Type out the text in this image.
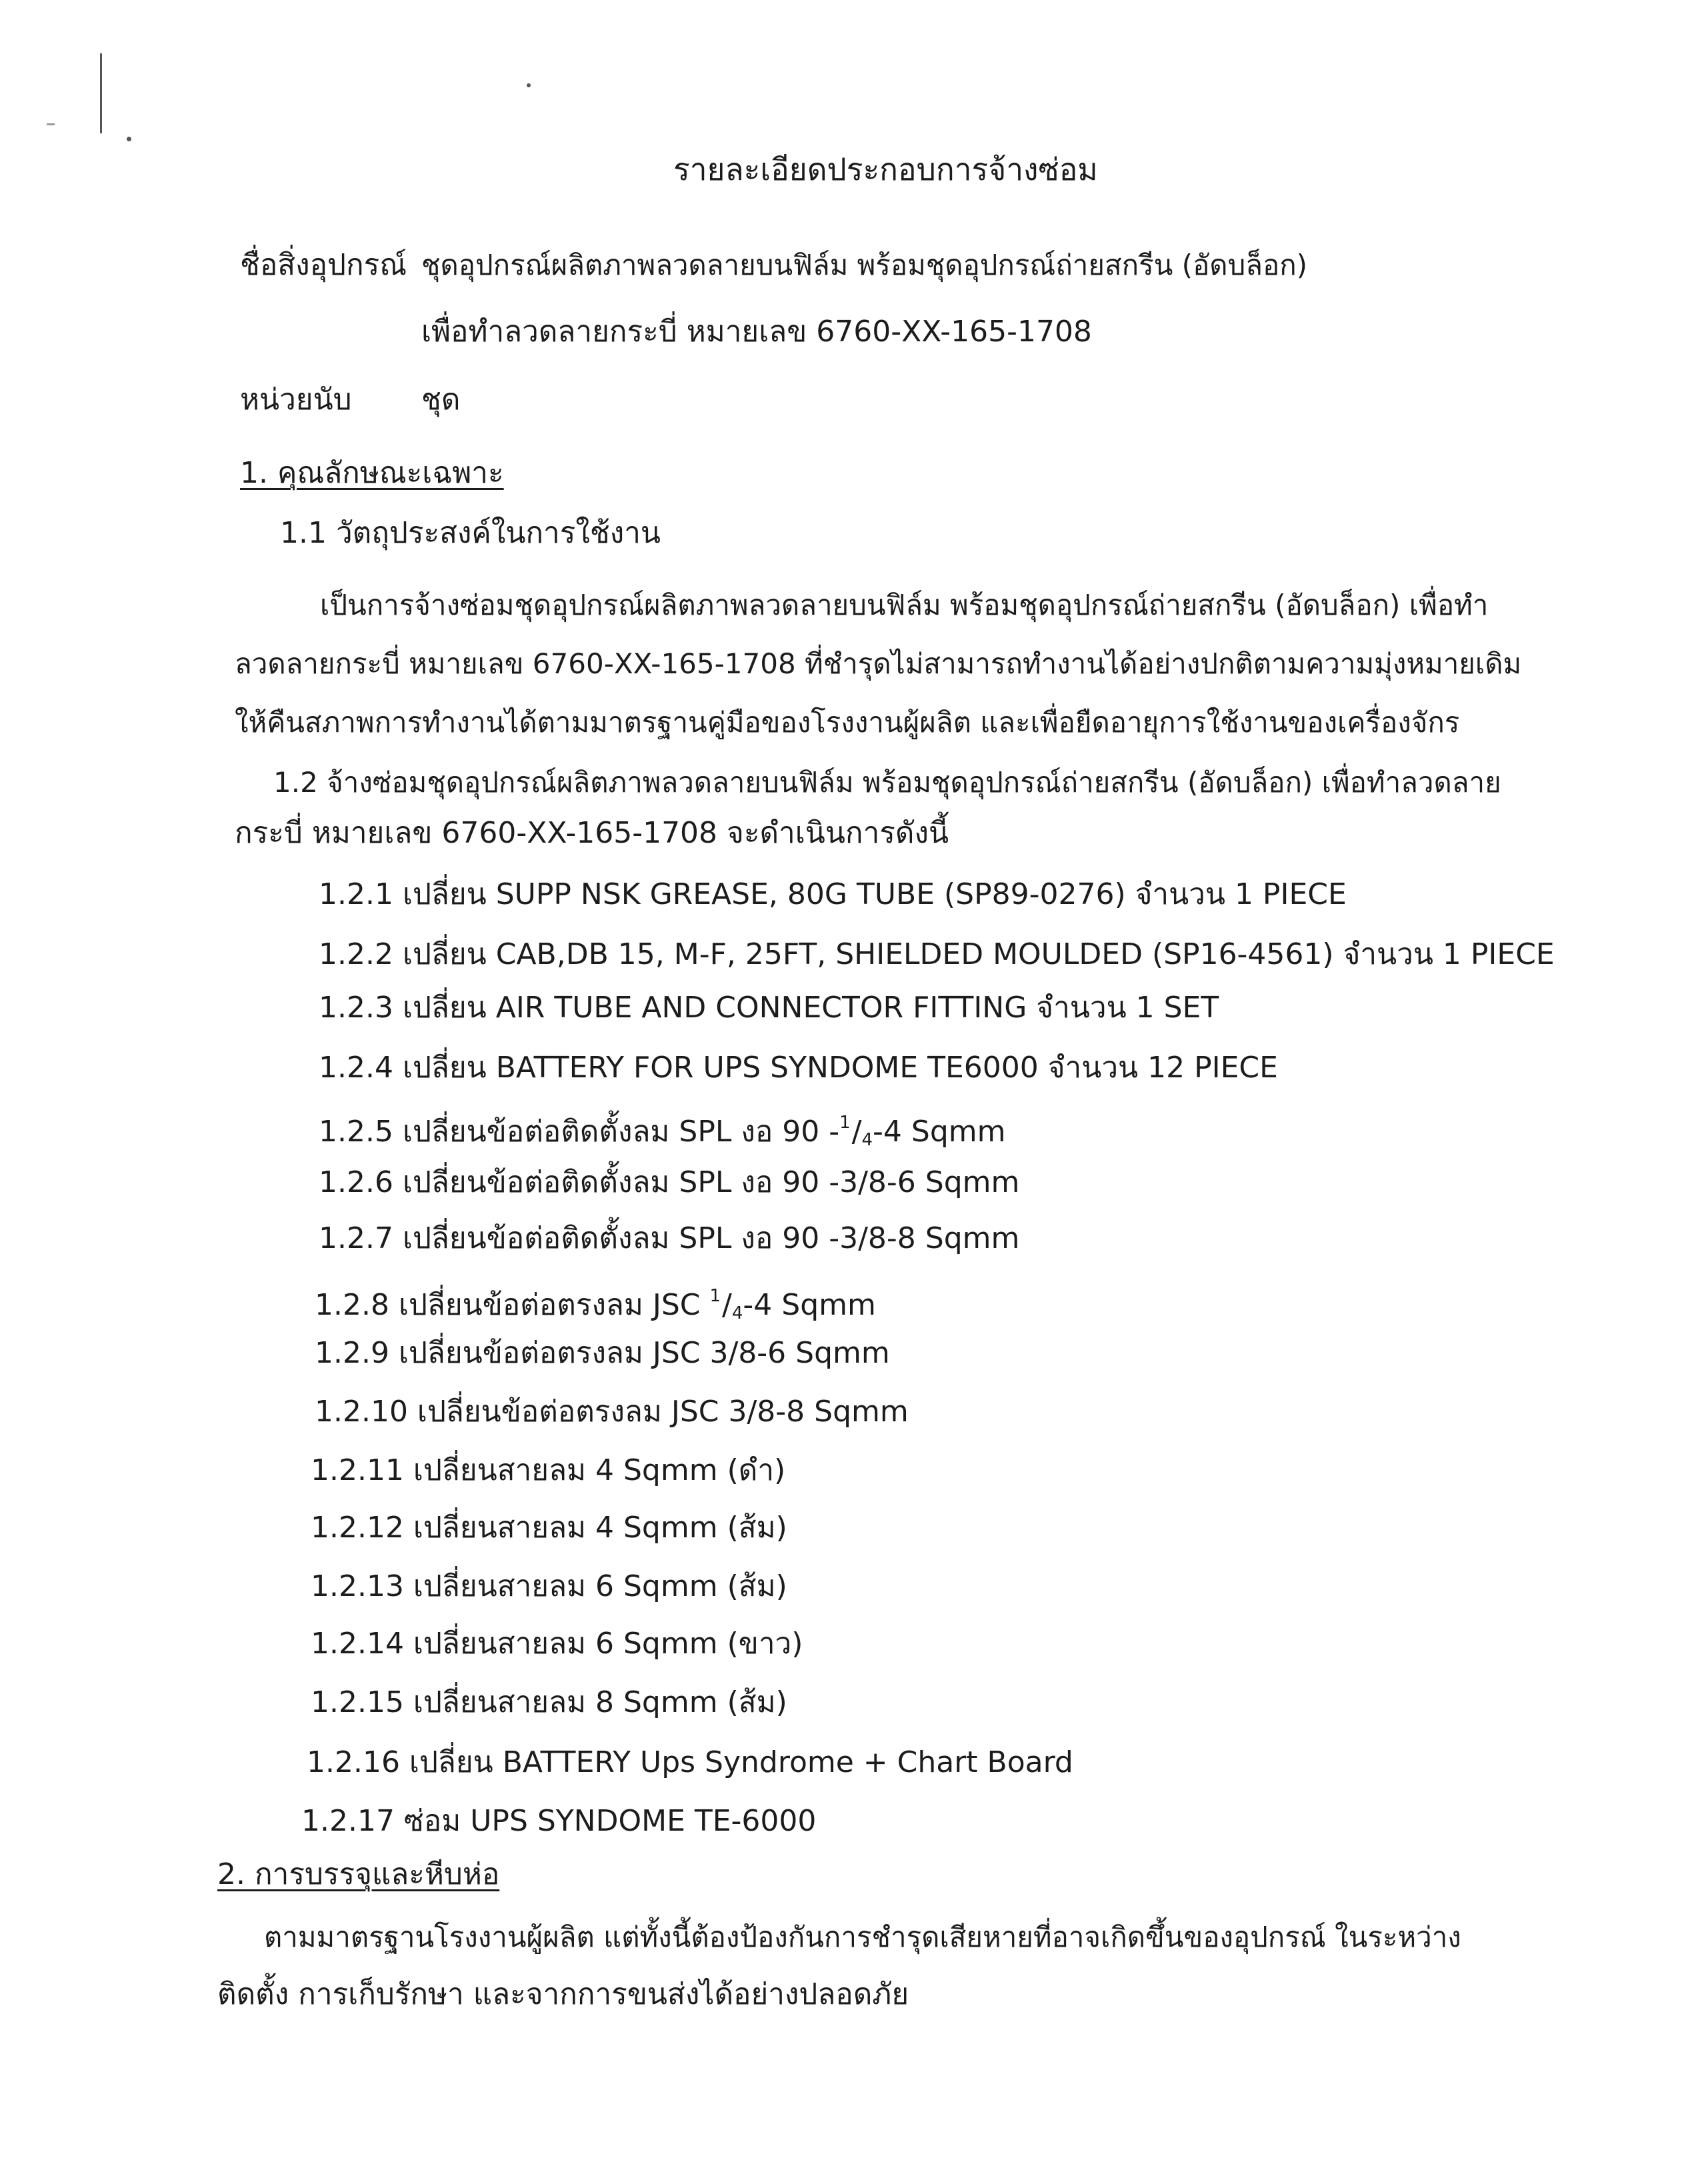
รายละเอียดประกอบการจ้างซ่อม
ชื่อสิ่งอุปกรณ์ ชุดอุปกรณ์ผลิตภาพลวดลายบนฟิล์ม พร้อมชุดอุปกรณ์ถ่ายสกรีน (อัดบล็อก)
เพื่อทำลวดลายกระบี่ หมายเลข 6760-XX-165-1708
หน่วยนับ ชุด
1. คุณลักษณะเฉพาะ
1.1 วัตถุประสงค์ในการใช้งาน
เป็นการจ้างซ่อมชุดอุปกรณ์ผลิตภาพลวดลายบนฟิล์ม พร้อมชุดอุปกรณ์ถ่ายสกรีน (อัดบล็อก) เพื่อทำ
ลวดลายกระบี่ หมายเลข 6760-XX-165-1708 ที่ชำรุดไม่สามารถทำงานได้อย่างปกติตามความมุ่งหมายเดิม
ให้คืนสภาพการทำงานได้ตามมาตรฐานคู่มือของโรงงานผู้ผลิต และเพื่อยืดอายุการใช้งานของเครื่องจักร
1.2 จ้างซ่อมชุดอุปกรณ์ผลิตภาพลวดลายบนฟิล์ม พร้อมชุดอุปกรณ์ถ่ายสกรีน (อัดบล็อก) เพื่อทำลวดลาย
กระบี่ หมายเลข 6760-XX-165-1708 จะดำเนินการดังนี้
1.2.1 เปลี่ยน SUPP NSK GREASE, 80G TUBE (SP89-0276) จำนวน 1 PIECE
1.2.2 เปลี่ยน CAB,DB 15, M-F, 25FT, SHIELDED MOULDED (SP16-4561) จำนวน 1 PIECE
1.2.3 เปลี่ยน AIR TUBE AND CONNECTOR FITTING จำนวน 1 SET
1.2.4 เปลี่ยน BATTERY FOR UPS SYNDOME TE6000 จำนวน 12 PIECE
1.2.5 เปลี่ยนข้อต่อติดตั้งลม SPL งอ 90 $-^1/_4-4$ Sqmm
1.2.6 เปลี่ยนข้อต่อติดตั้งลม SPL งอ 90 -3/8-6 Sqmm
1.2.7 เปลี่ยนข้อต่อติดตั้งลม SPL งอ 90 -3/8-8 Sqmm
1.2.8 เปลี่ยนข้อต่อตรงลม JSC $^1/_4-4$ Sqmm
1.2.9 เปลี่ยนข้อต่อตรงลม JSC 3/8-6 Sqmm
1.2.10 เปลี่ยนข้อต่อตรงลม JSC 3/8-8 Sqmm
1.2.11 เปลี่ยนสายลม 4 Sqmm (ดำ)
1.2.12 เปลี่ยนสายลม 4 Sqmm (ส้ม)
1.2.13 เปลี่ยนสายลม 6 Sqmm (ส้ม)
1.2.14 เปลี่ยนสายลม 6 Sqmm (ขาว)
1.2.15 เปลี่ยนสายลม 8 Sqmm (ส้ม)
1.2.16 เปลี่ยน BATTERY Ups Syndrome + Chart Board
1.2.17 ซ่อม UPS SYNDOME TE-6000
2. การบรรจุและหีบห่อ
ตามมาตรฐานโรงงานผู้ผลิต แต่ทั้งนี้ต้องป้องกันการชำรุดเสียหายที่อาจเกิดขึ้นของอุปกรณ์ ในระหว่าง
ติดตั้ง การเก็บรักษา และจากการขนส่งได้อย่างปลอดภัย
